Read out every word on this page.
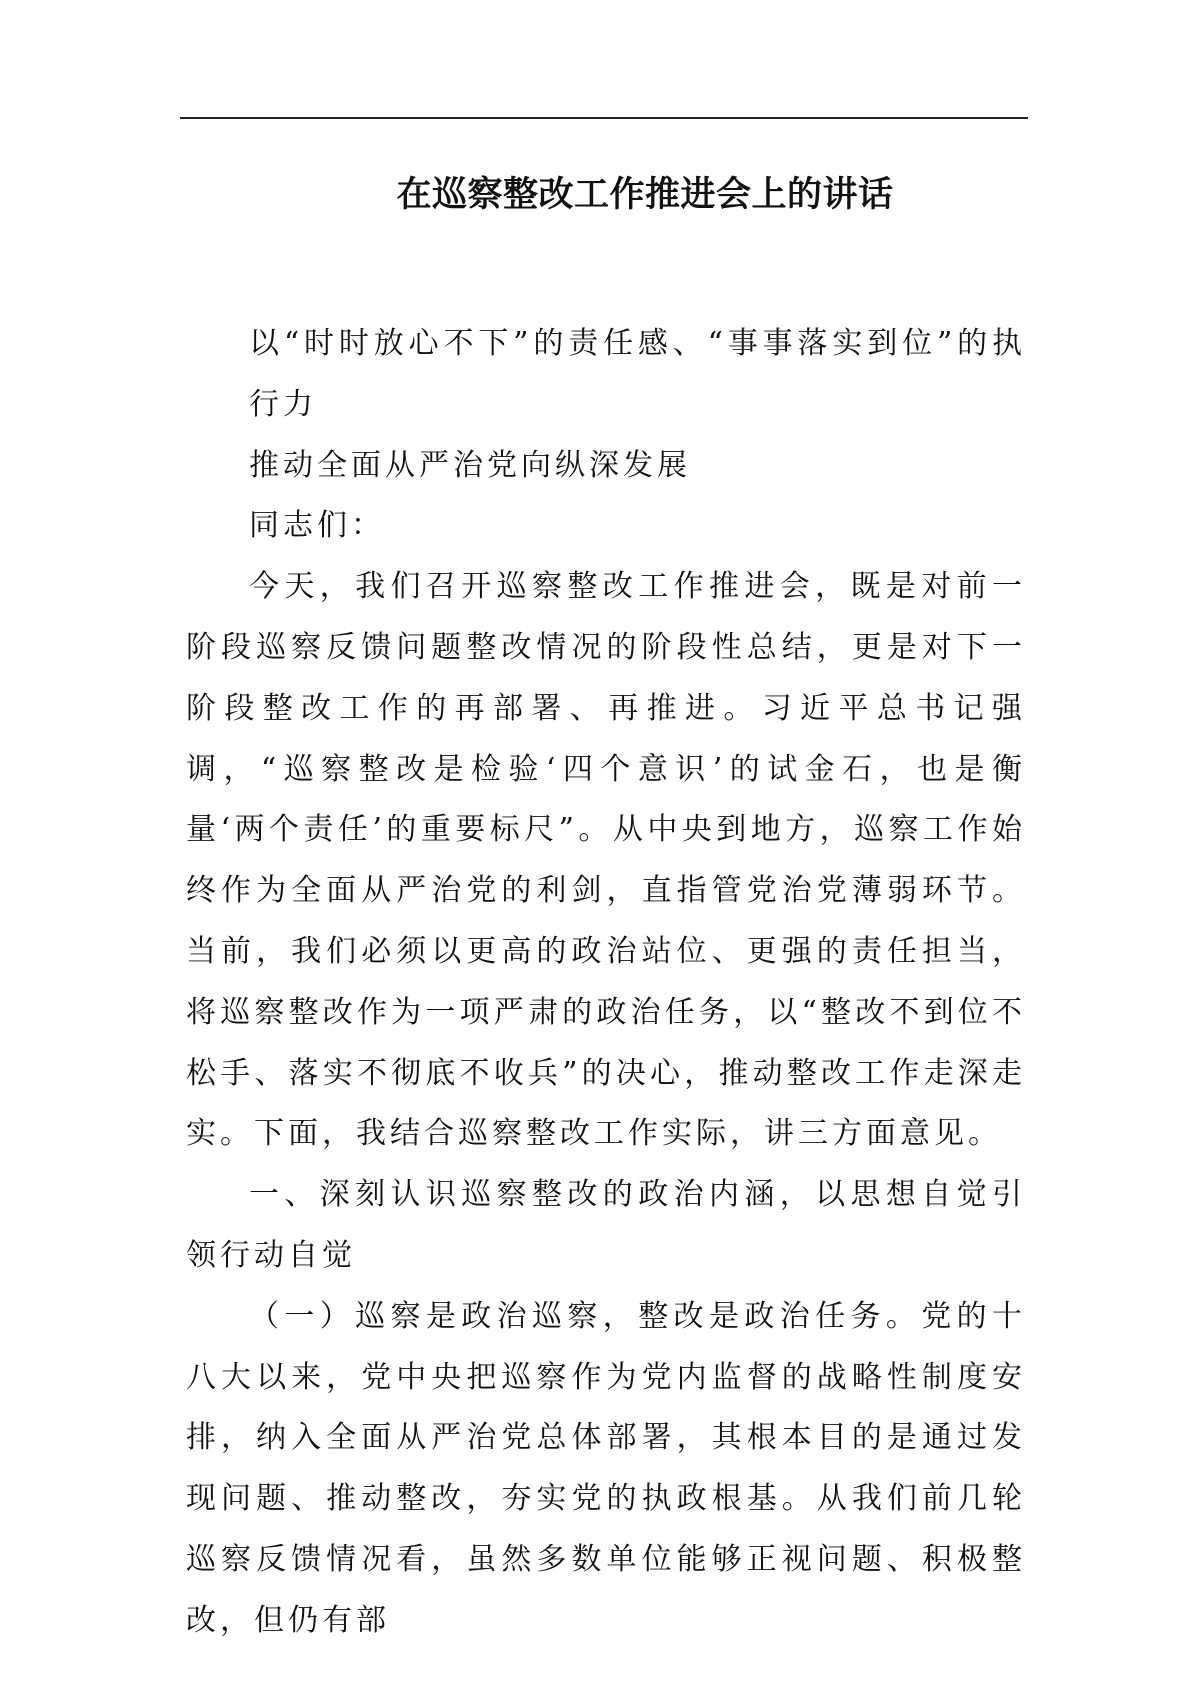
在巡察整改工作推进会上的讲话

以“时时放心不下”的责任感、“事事落实到位”的执行力

推动全面从严治党向纵深发展

同志们：

今天，我们召开巡察整改工作推进会，既是对前一阶段巡察反馈问题整改情况的阶段性总结，更是对下一阶段整改工作的再部署、再推进。习近平总书记强调，“巡察整改是检验‘四个意识’的试金石，也是衡量‘两个责任’的重要标尺”。从中央到地方，巡察工作始终作为全面从严治党的利剑，直指管党治党薄弱环节。当前，我们必须以更高的政治站位、更强的责任担当，将巡察整改作为一项严肃的政治任务，以“整改不到位不松手、落实不彻底不收兵”的决心，推动整改工作走深走实。下面，我结合巡察整改工作实际，讲三方面意见。

一、深刻认识巡察整改的政治内涵，以思想自觉引领行动自觉

（一）巡察是政治巡察，整改是政治任务。党的十八大以来，党中央把巡察作为党内监督的战略性制度安排，纳入全面从严治党总体部署，其根本目的是通过发现问题、推动整改，夯实党的执政根基。从我们前几轮巡察反馈情况看，虽然多数单位能够正视问题、积极整改，但仍有部
